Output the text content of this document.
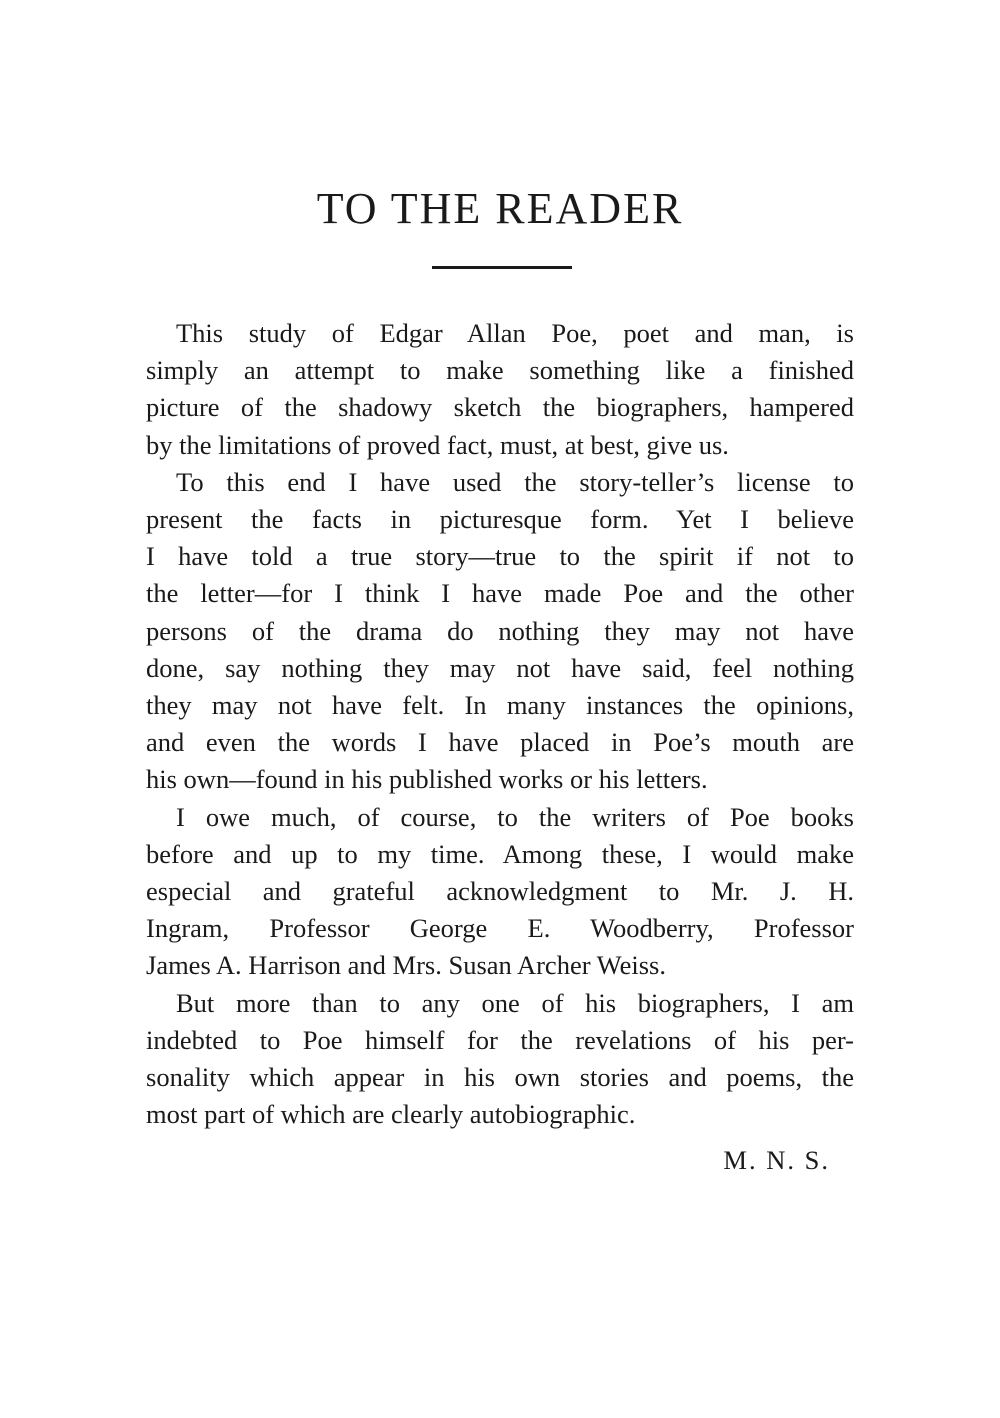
TO THE READER

This study of Edgar Allan Poe, poet and man, is
simply an attempt to make something like a finished
picture of the shadowy sketch the biographers, hampered
by the limitations of proved fact, must, at best, give us.

To this end I have used the story-teller’s license to
present the facts in picturesque form. Yet I believe
I have told a true story—true to the spirit if not to
the letter—for I think I have made Poe and the other
persons of the drama do nothing they may not have
done, say nothing they may not have said, feel nothing
they may not have felt. In many instances the opinions,
and even the words I have placed in Poe’s mouth are
his own—found in his published works or his letters.

I owe much, of course, to the writers of Poe books
before and up to my time. Among these, I would make
especial and grateful acknowledgment to Mr. J. H.
Ingram, Professor George E. Woodberry, Professor
James A. Harrison and Mrs. Susan Archer Weiss.

But more than to any one of his biographers, I am
indebted to Poe himself for the revelations of his per-
sonality which appear in his own stories and poems, the
most part of which are clearly autobiographic.

M. N. S.
